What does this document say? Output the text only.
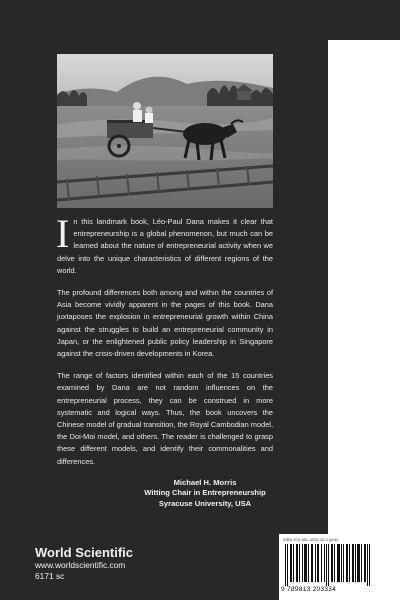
In this landmark book, Léo-Paul Dana makes it clear that entrepreneurship is a global phenomenon, but much can be learned about the nature of entrepreneurial activity when we delve into the unique characteristics of different regions of the world.

The profound differences both among and within the countries of Asia become vividly apparent in the pages of this book. Dana juxtaposes the explosion in entrepreneurial growth within China against the struggles to build an entrepreneurial community in Japan, or the enlightened public policy leadership in Singapore against the crisis-driven developments in Korea.

The range of factors identified within each of the 15 countries examined by Dana are not random influences on the entrepreneurial process, they can be construed in more systematic and logical ways. Thus, the book uncovers the Chinese model of gradual transition, the Royal Cambodian model, the Doi-Moi model, and others. The reader is challenged to grasp these different models, and identify their commonalities and differences.

Michael H. Morris
Witting Chair in Entrepreneurship
Syracuse University, USA
World Scientific
www.worldscientific.com
6171 sc
ISBN 978-981-3203-33-4 (pbk)
9 789813 203334
